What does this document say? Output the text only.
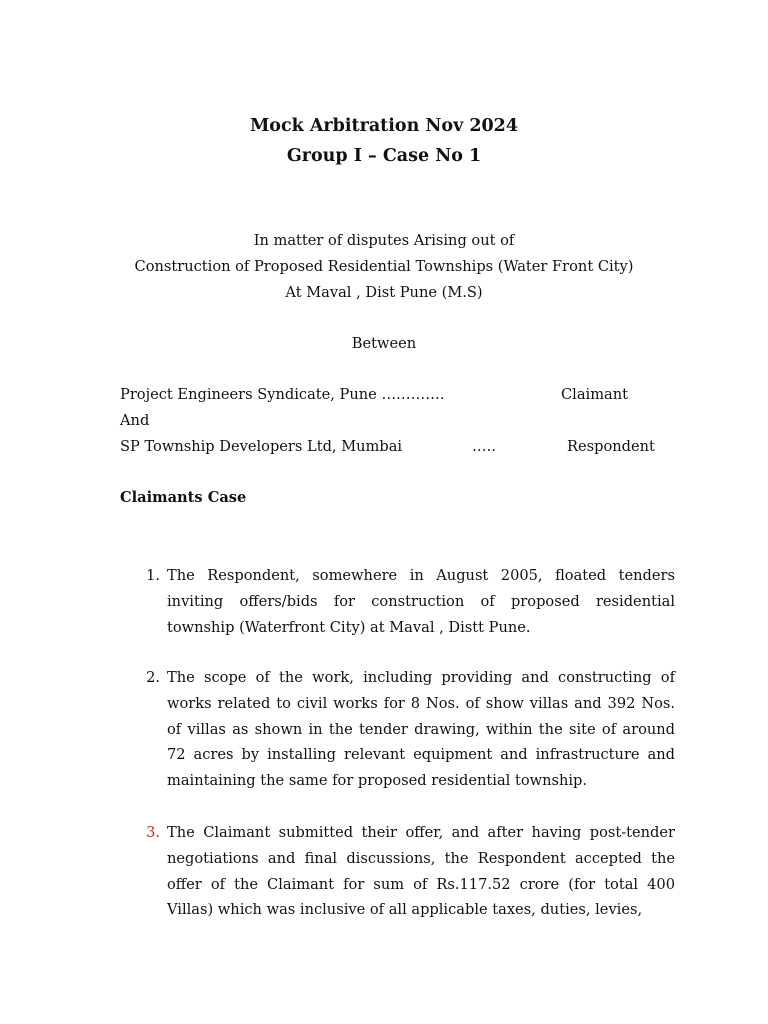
Mock Arbitration Nov 2024
Group I – Case No 1
In matter of disputes Arising out of
Construction of Proposed Residential Townships (Water Front City)
At Maval , Dist Pune (M.S)
Between
Project Engineers Syndicate, Pune ………….	Claimant
And
SP Township Developers Ltd, Mumbai	…..	Respondent
Claimants Case
1. The Respondent, somewhere in August 2005, floated tenders inviting offers/bids for construction of proposed residential township (Waterfront City) at Maval , Distt Pune.
2. The scope of the work, including providing and constructing of works related to civil works for 8 Nos. of show villas and 392 Nos. of villas as shown in the tender drawing, within the site of around 72 acres by installing relevant equipment and infrastructure and maintaining the same for proposed residential township.
3. The Claimant submitted their offer, and after having post-tender negotiations and final discussions, the Respondent accepted the offer of the Claimant for sum of Rs.117.52 crore (for total 400 Villas) which was inclusive of all applicable taxes, duties, levies,
